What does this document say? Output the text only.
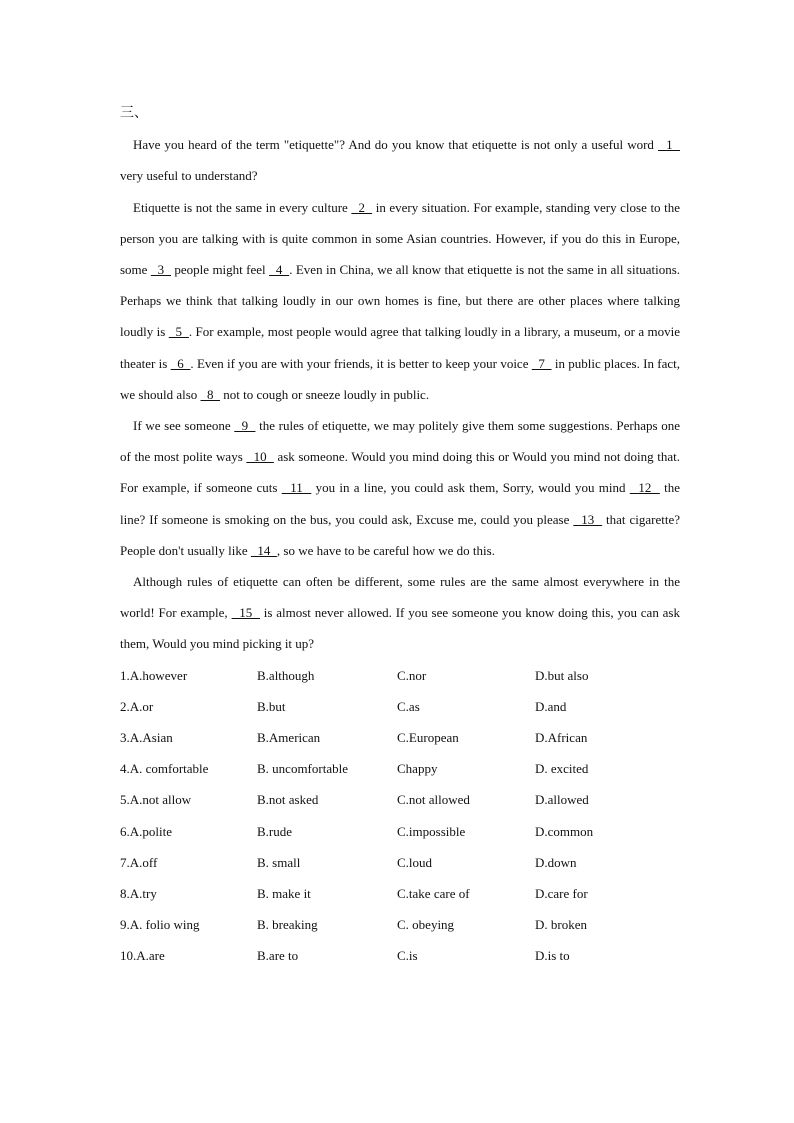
三、

Have you heard of the term "etiquette"? And do you know that etiquette is not only a useful word   1   very useful to understand?

Etiquette is not the same in every culture   2   in every situation. For example, standing very close to the person you are talking with is quite common in some Asian countries. However, if you do this in Europe, some   3   people might feel   4  . Even in China, we all know that etiquette is not the same in all situations. Perhaps we think that talking loudly in our own homes is fine, but there are other places where talking loudly is   5  . For example, most people would agree that talking loudly in a library, a museum, or a movie theater is   6  . Even if you are with your friends, it is better to keep your voice   7   in public places. In fact, we should also   8   not to cough or sneeze loudly in public.

If we see someone   9   the rules of etiquette, we may politely give them some suggestions. Perhaps one of the most polite ways   10   ask someone. Would you mind doing this or Would you mind not doing that. For example, if someone cuts   11   you in a line, you could ask them, Sorry, would you mind   12   the line? If someone is smoking on the bus, you could ask, Excuse me, could you please   13   that cigarette? People don't usually like   14  , so we have to be careful how we do this.

Although rules of etiquette can often be different, some rules are the same almost everywhere in the world! For example,   15   is almost never allowed. If you see someone you know doing this, you can ask them, Would you mind picking it up?

1.A.however	B.although	C.nor	D.but also
2.A.or	B.but	C.as	D.and
3.A.Asian	B.American	C.European	D.African
4.A. comfortable	B. uncomfortable	Chappy	D. excited
5.A.not allow	B.not asked	C.not allowed	D.allowed
6.A.polite	B.rude	C.impossible	D.common
7.A.off	B. small	C.loud	D.down
8.A.try	B. make it	C.take care of	D.care for
9.A. folio wing	B. breaking	C. obeying	D. broken
10.A.are	B.are to	C.is	D.is to
